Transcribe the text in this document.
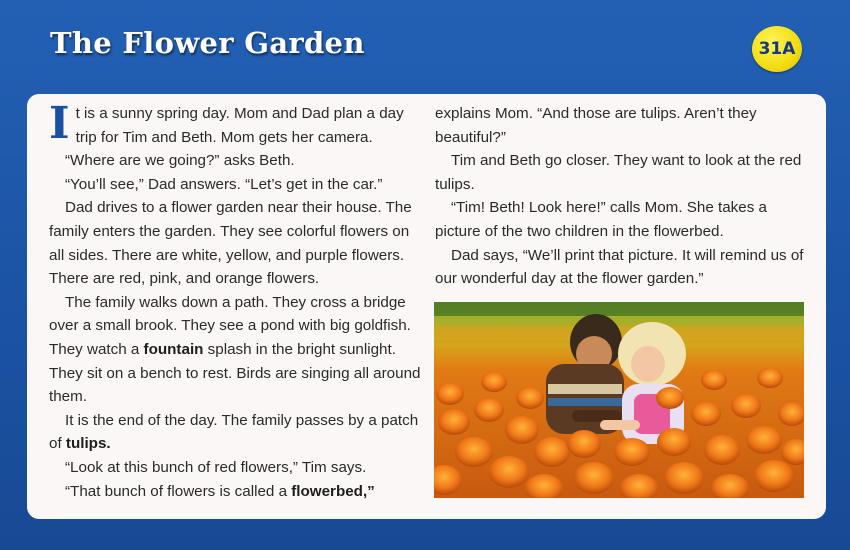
The Flower Garden	31A

It is a sunny spring day. Mom and Dad plan a day trip for Tim and Beth. Mom gets her camera.

“Where are we going?” asks Beth.

“You’ll see,” Dad answers. “Let’s get in the car.”

Dad drives to a flower garden near their house. The family enters the garden. They see colorful flowers on all sides. There are white, yellow, and purple flowers. There are red, pink, and orange flowers.

The family walks down a path. They cross a bridge over a small brook. They see a pond with big goldfish. They watch a fountain splash in the bright sunlight. They sit on a bench to rest. Birds are singing all around them.

It is the end of the day. The family passes by a patch of tulips.

“Look at this bunch of red flowers,” Tim says.

“That bunch of flowers is called a flowerbed,”

explains Mom. “And those are tulips. Aren’t they beautiful?”

Tim and Beth go closer. They want to look at the red tulips.

“Tim! Beth! Look here!” calls Mom. She takes a picture of the two children in the flowerbed.

Dad says, “We’ll print that picture. It will remind us of our wonderful day at the flower garden.”
